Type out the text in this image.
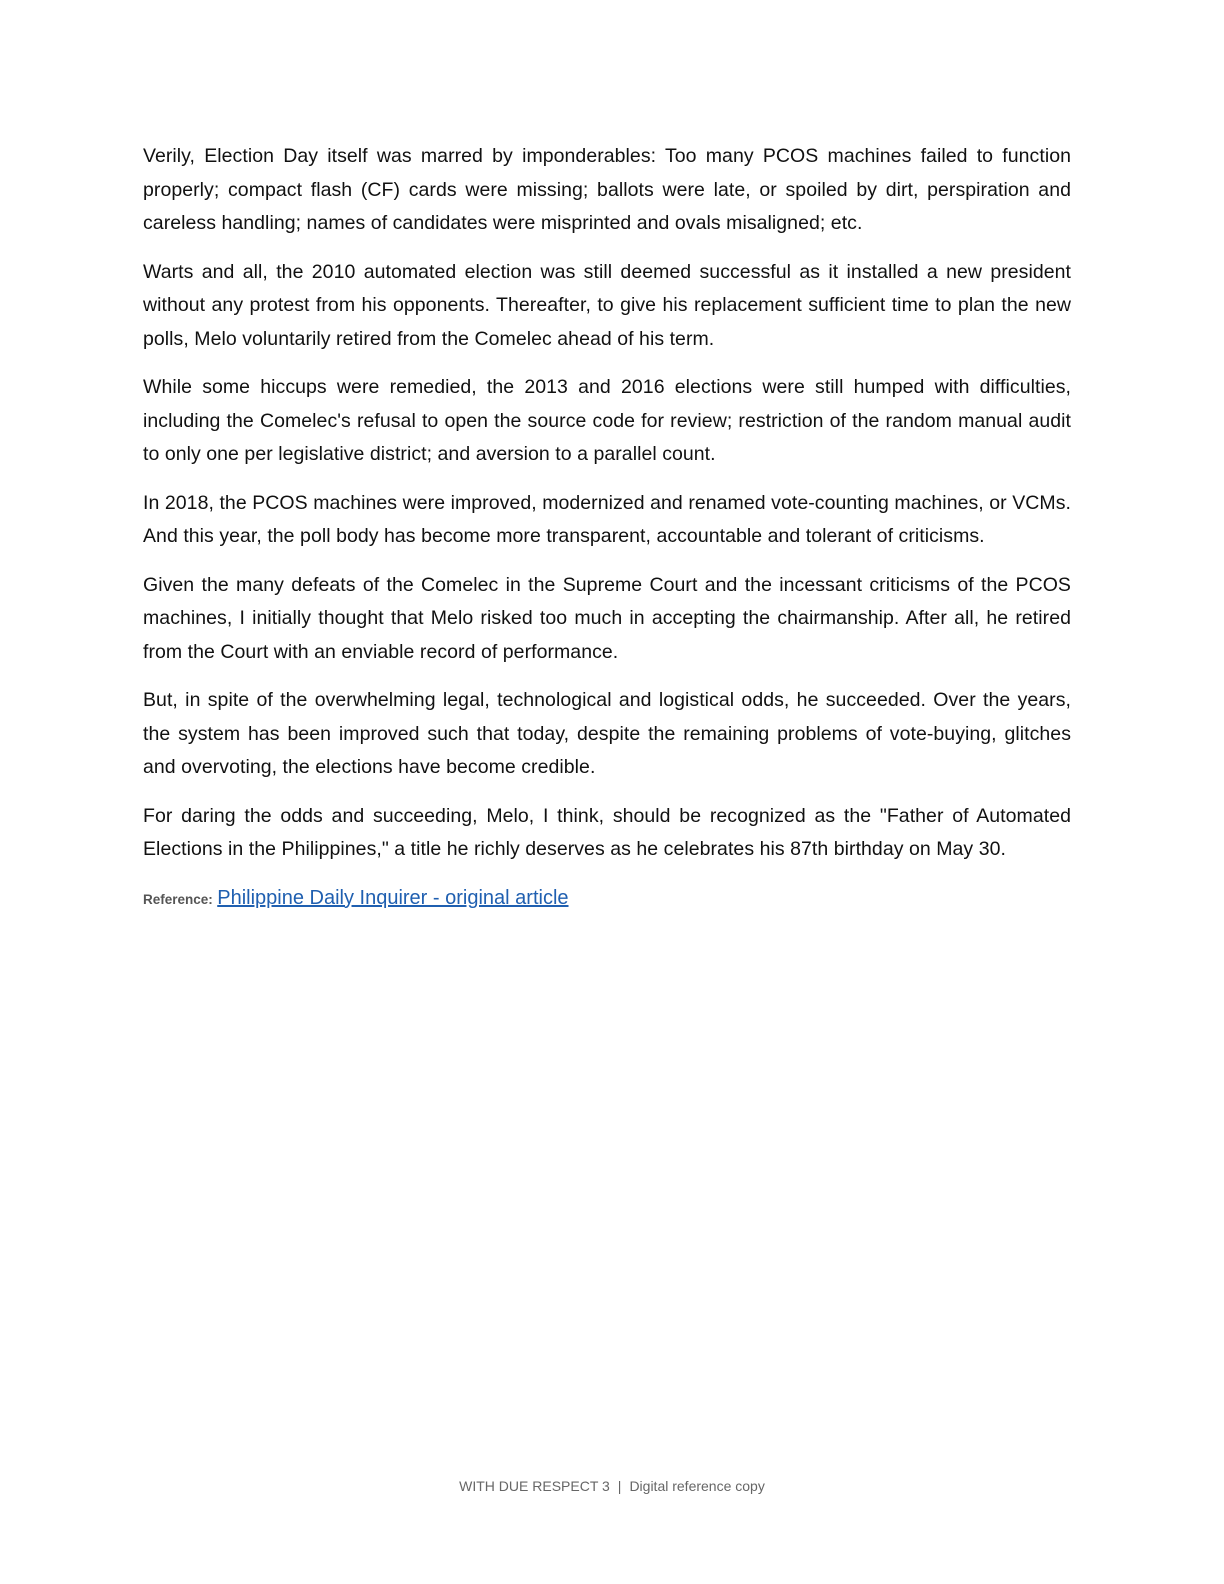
Verily, Election Day itself was marred by imponderables: Too many PCOS machines failed to function properly; compact flash (CF) cards were missing; ballots were late, or spoiled by dirt, perspiration and careless handling; names of candidates were misprinted and ovals misaligned; etc.

Warts and all, the 2010 automated election was still deemed successful as it installed a new president without any protest from his opponents. Thereafter, to give his replacement sufficient time to plan the new polls, Melo voluntarily retired from the Comelec ahead of his term.

While some hiccups were remedied, the 2013 and 2016 elections were still humped with difficulties, including the Comelec's refusal to open the source code for review; restriction of the random manual audit to only one per legislative district; and aversion to a parallel count.

In 2018, the PCOS machines were improved, modernized and renamed vote-counting machines, or VCMs. And this year, the poll body has become more transparent, accountable and tolerant of criticisms.

Given the many defeats of the Comelec in the Supreme Court and the incessant criticisms of the PCOS machines, I initially thought that Melo risked too much in accepting the chairmanship. After all, he retired from the Court with an enviable record of performance.

But, in spite of the overwhelming legal, technological and logistical odds, he succeeded. Over the years, the system has been improved such that today, despite the remaining problems of vote-buying, glitches and overvoting, the elections have become credible.

For daring the odds and succeeding, Melo, I think, should be recognized as the "Father of Automated Elections in the Philippines," a title he richly deserves as he celebrates his 87th birthday on May 30.

Reference: Philippine Daily Inquirer - original article
WITH DUE RESPECT 3 | Digital reference copy
